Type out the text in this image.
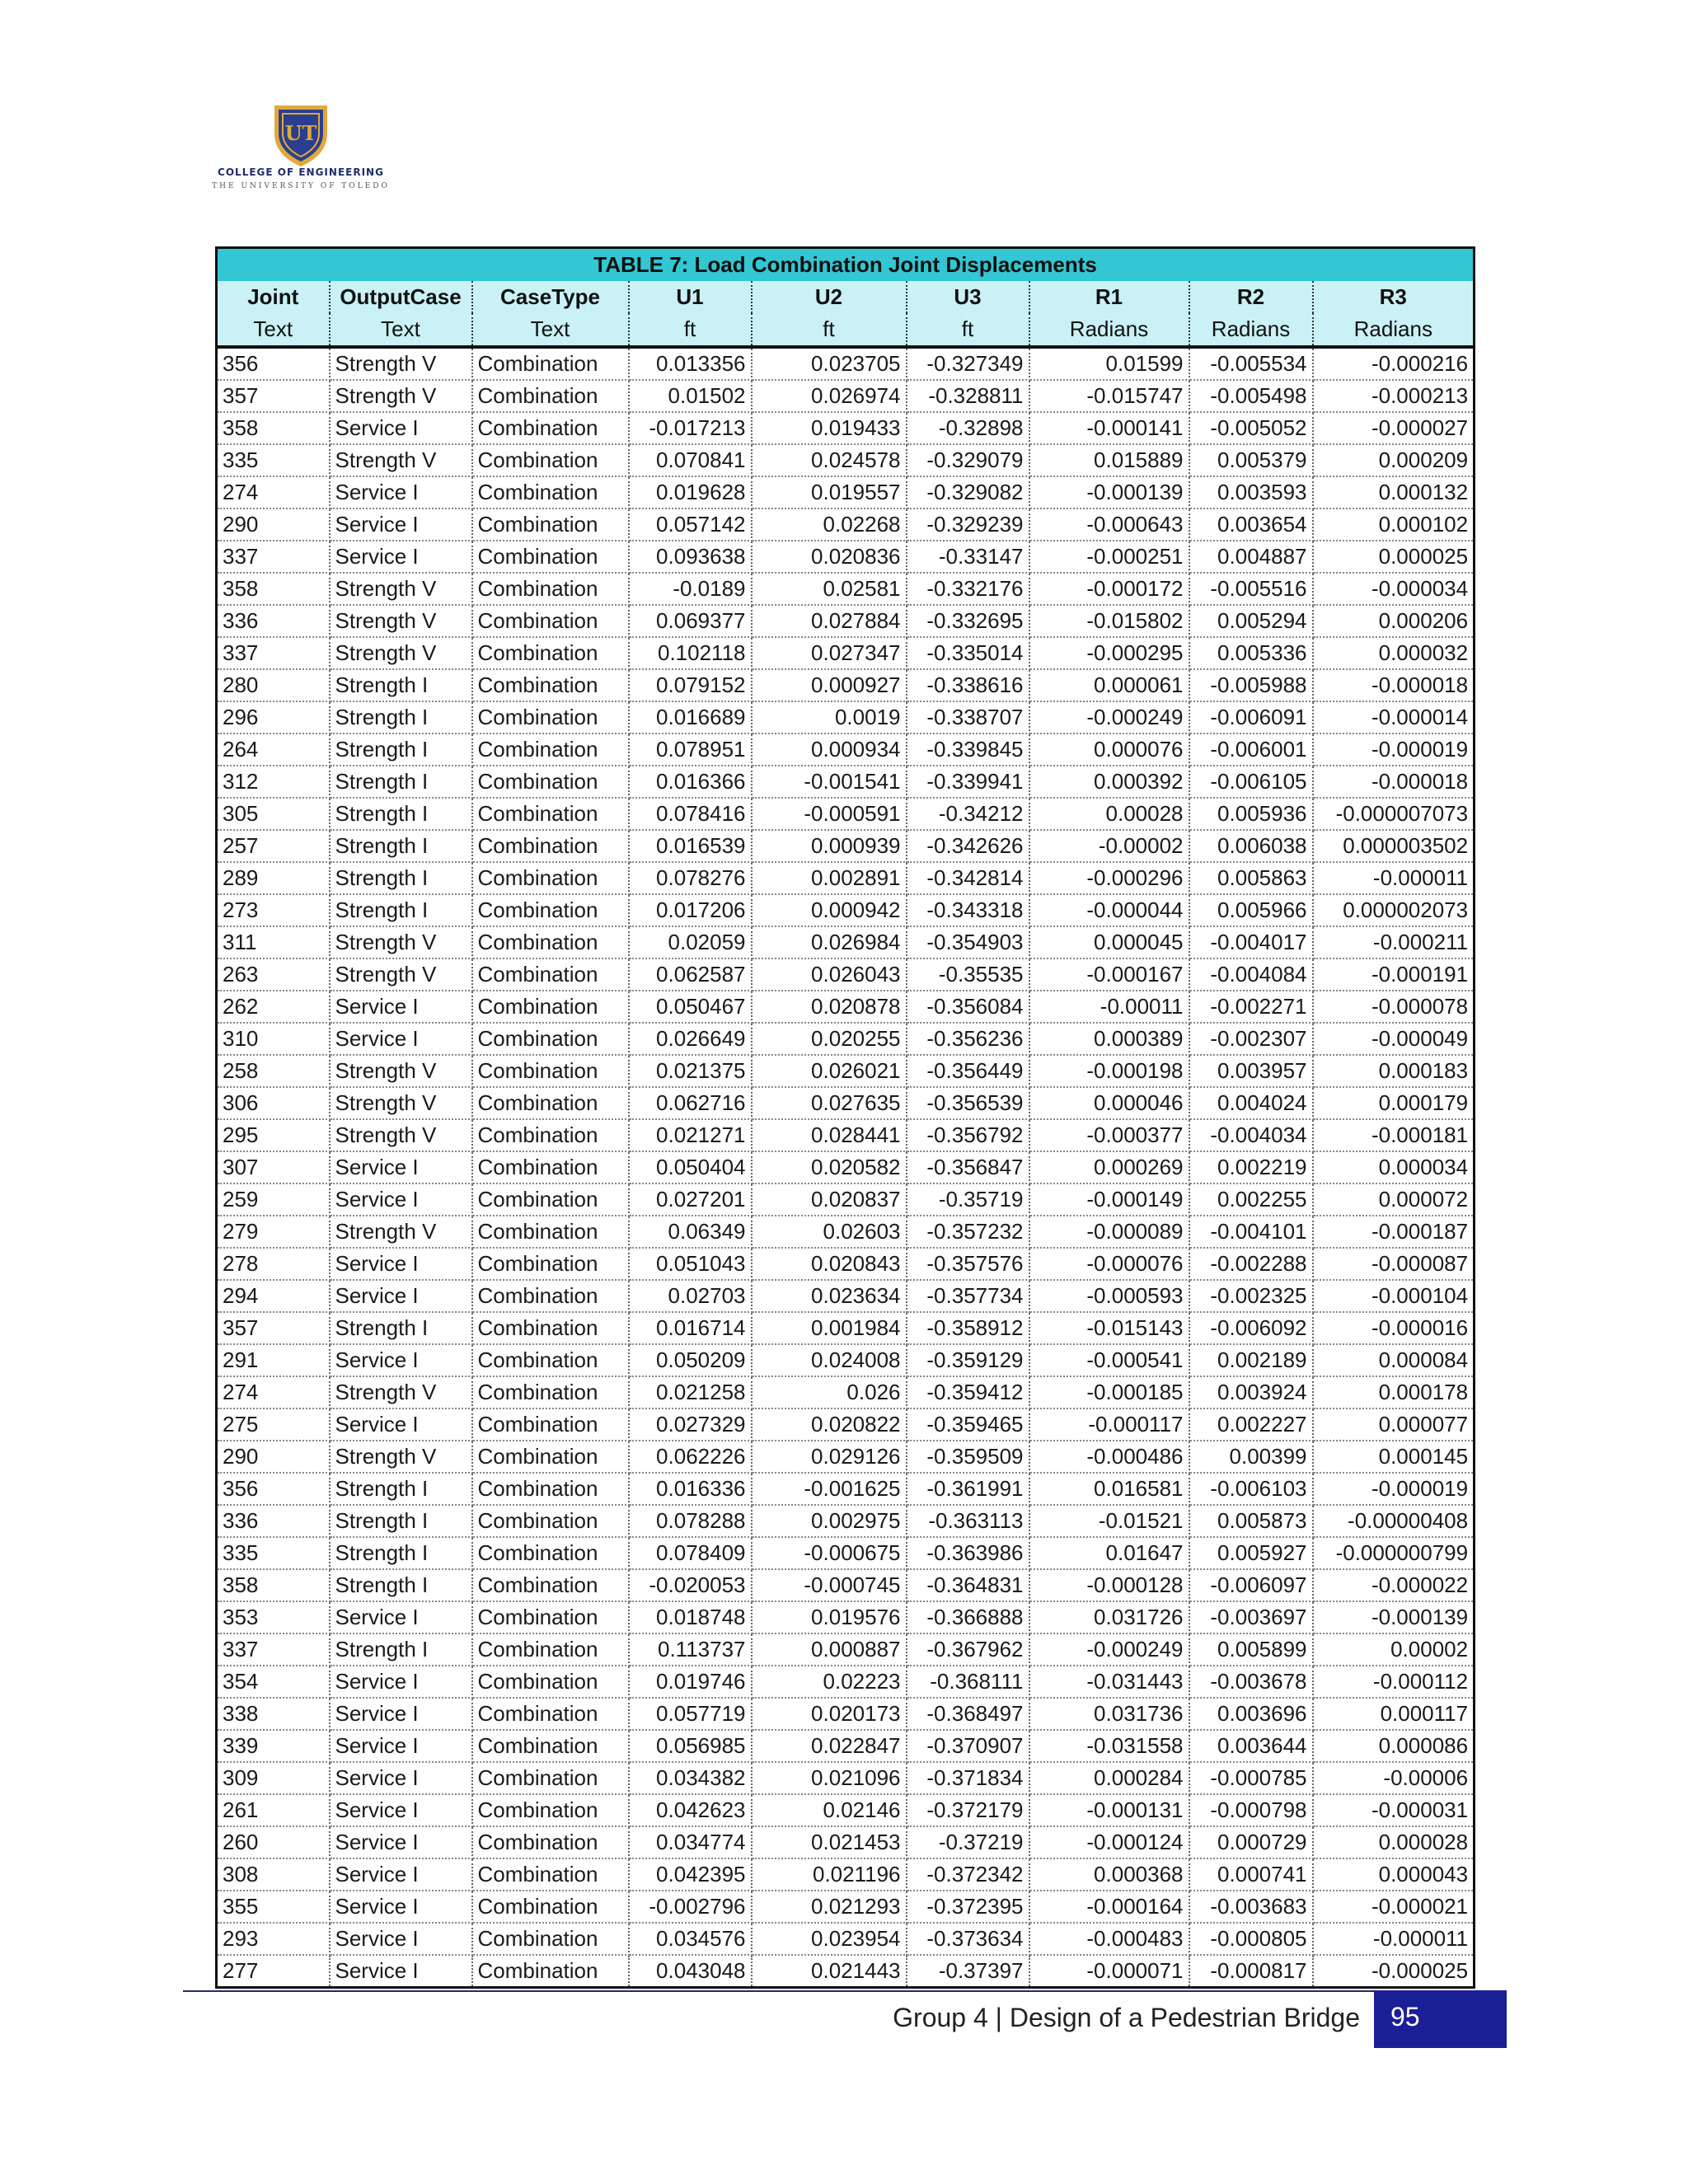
UT
COLLEGE OF ENGINEERING
THE UNIVERSITY OF TOLEDO
TABLE 7: Load Combination Joint Displacements								
Joint	OutputCase	CaseType	U1	U2	U3	R1	R2	R3
Text	Text	Text	ft	ft	ft	Radians	Radians	Radians
356	Strength V	Combination	0.013356	0.023705	-0.327349	0.01599	-0.005534	-0.000216
357	Strength V	Combination	0.01502	0.026974	-0.328811	-0.015747	-0.005498	-0.000213
358	Service I	Combination	-0.017213	0.019433	-0.32898	-0.000141	-0.005052	-0.000027
335	Strength V	Combination	0.070841	0.024578	-0.329079	0.015889	0.005379	0.000209
274	Service I	Combination	0.019628	0.019557	-0.329082	-0.000139	0.003593	0.000132
290	Service I	Combination	0.057142	0.02268	-0.329239	-0.000643	0.003654	0.000102
337	Service I	Combination	0.093638	0.020836	-0.33147	-0.000251	0.004887	0.000025
358	Strength V	Combination	-0.0189	0.02581	-0.332176	-0.000172	-0.005516	-0.000034
336	Strength V	Combination	0.069377	0.027884	-0.332695	-0.015802	0.005294	0.000206
337	Strength V	Combination	0.102118	0.027347	-0.335014	-0.000295	0.005336	0.000032
280	Strength I	Combination	0.079152	0.000927	-0.338616	0.000061	-0.005988	-0.000018
296	Strength I	Combination	0.016689	0.0019	-0.338707	-0.000249	-0.006091	-0.000014
264	Strength I	Combination	0.078951	0.000934	-0.339845	0.000076	-0.006001	-0.000019
312	Strength I	Combination	0.016366	-0.001541	-0.339941	0.000392	-0.006105	-0.000018
305	Strength I	Combination	0.078416	-0.000591	-0.34212	0.00028	0.005936	-0.000007073
257	Strength I	Combination	0.016539	0.000939	-0.342626	-0.00002	0.006038	0.000003502
289	Strength I	Combination	0.078276	0.002891	-0.342814	-0.000296	0.005863	-0.000011
273	Strength I	Combination	0.017206	0.000942	-0.343318	-0.000044	0.005966	0.000002073
311	Strength V	Combination	0.02059	0.026984	-0.354903	0.000045	-0.004017	-0.000211
263	Strength V	Combination	0.062587	0.026043	-0.35535	-0.000167	-0.004084	-0.000191
262	Service I	Combination	0.050467	0.020878	-0.356084	-0.00011	-0.002271	-0.000078
310	Service I	Combination	0.026649	0.020255	-0.356236	0.000389	-0.002307	-0.000049
258	Strength V	Combination	0.021375	0.026021	-0.356449	-0.000198	0.003957	0.000183
306	Strength V	Combination	0.062716	0.027635	-0.356539	0.000046	0.004024	0.000179
295	Strength V	Combination	0.021271	0.028441	-0.356792	-0.000377	-0.004034	-0.000181
307	Service I	Combination	0.050404	0.020582	-0.356847	0.000269	0.002219	0.000034
259	Service I	Combination	0.027201	0.020837	-0.35719	-0.000149	0.002255	0.000072
279	Strength V	Combination	0.06349	0.02603	-0.357232	-0.000089	-0.004101	-0.000187
278	Service I	Combination	0.051043	0.020843	-0.357576	-0.000076	-0.002288	-0.000087
294	Service I	Combination	0.02703	0.023634	-0.357734	-0.000593	-0.002325	-0.000104
357	Strength I	Combination	0.016714	0.001984	-0.358912	-0.015143	-0.006092	-0.000016
291	Service I	Combination	0.050209	0.024008	-0.359129	-0.000541	0.002189	0.000084
274	Strength V	Combination	0.021258	0.026	-0.359412	-0.000185	0.003924	0.000178
275	Service I	Combination	0.027329	0.020822	-0.359465	-0.000117	0.002227	0.000077
290	Strength V	Combination	0.062226	0.029126	-0.359509	-0.000486	0.00399	0.000145
356	Strength I	Combination	0.016336	-0.001625	-0.361991	0.016581	-0.006103	-0.000019
336	Strength I	Combination	0.078288	0.002975	-0.363113	-0.01521	0.005873	-0.00000408
335	Strength I	Combination	0.078409	-0.000675	-0.363986	0.01647	0.005927	-0.000000799
358	Strength I	Combination	-0.020053	-0.000745	-0.364831	-0.000128	-0.006097	-0.000022
353	Service I	Combination	0.018748	0.019576	-0.366888	0.031726	-0.003697	-0.000139
337	Strength I	Combination	0.113737	0.000887	-0.367962	-0.000249	0.005899	0.00002
354	Service I	Combination	0.019746	0.02223	-0.368111	-0.031443	-0.003678	-0.000112
338	Service I	Combination	0.057719	0.020173	-0.368497	0.031736	0.003696	0.000117
339	Service I	Combination	0.056985	0.022847	-0.370907	-0.031558	0.003644	0.000086
309	Service I	Combination	0.034382	0.021096	-0.371834	0.000284	-0.000785	-0.00006
261	Service I	Combination	0.042623	0.02146	-0.372179	-0.000131	-0.000798	-0.000031
260	Service I	Combination	0.034774	0.021453	-0.37219	-0.000124	0.000729	0.000028
308	Service I	Combination	0.042395	0.021196	-0.372342	0.000368	0.000741	0.000043
355	Service I	Combination	-0.002796	0.021293	-0.372395	-0.000164	-0.003683	-0.000021
293	Service I	Combination	0.034576	0.023954	-0.373634	-0.000483	-0.000805	-0.000011
277	Service I	Combination	0.043048	0.021443	-0.37397	-0.000071	-0.000817	-0.000025
Group 4 | Design of a Pedestrian Bridge 95
